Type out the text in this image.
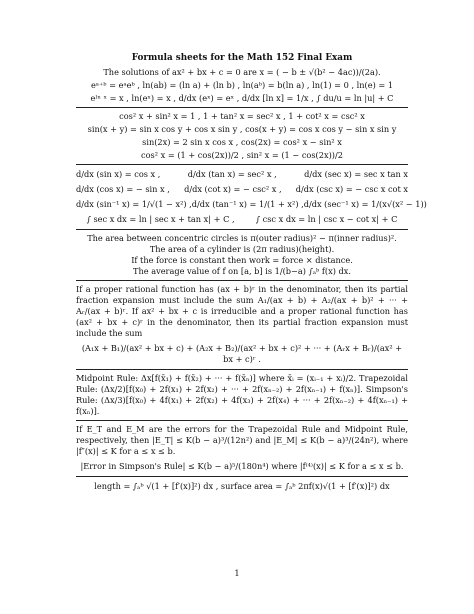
Formula sheets for the Math 152 Final Exam
The solutions of ax² + bx + c = 0 are x = ( − b ± √(b² − 4ac))/(2a).
eᵃ⁺ᵇ = eᵃeᵇ , ln(ab) = (ln a) + (ln b) , ln(aᵇ) = b(ln a) , ln(1) = 0 , ln(e) = 1
eˡⁿ ˣ = x , ln(eˣ) = x , d/dx (eˣ) = eˣ , d/dx [ln x] = 1/x , ∫ du/u = ln |u| + C
cos² x + sin² x = 1 , 1 + tan² x = sec² x , 1 + cot² x = csc² x
sin(x + y) = sin x cos y + cos x sin y , cos(x + y) = cos x cos y − sin x sin y
sin(2x) = 2 sin x cos x , cos(2x) = cos² x − sin² x
cos² x = (1 + cos(2x))/2 , sin² x = (1 − cos(2x))/2
d/dx (sin x) = cos x ,	d/dx (tan x) = sec² x ,	d/dx (sec x) = sec x tan x
d/dx (cos x) = − sin x , d/dx (cot x) = − csc² x , d/dx (csc x) = − csc x cot x
d/dx (sin⁻¹ x) = 1/√(1 − x²) , d/dx (tan⁻¹ x) = 1/(1 + x²) , d/dx (sec⁻¹ x) = 1/(x√(x² − 1))
∫ sec x dx = ln | sec x + tan x| + C ,	∫ csc x dx = ln | csc x − cot x| + C
The area between concentric circles is π(outer radius)² − π(inner radius)².
The area of a cylinder is (2π radius)(height).
If the force is constant then work = force × distance.
The average value of f on [a, b] is 1/(b−a) ∫ₐᵇ f(x) dx.
If a proper rational function has (ax + b)ʳ in the denominator, then its partial fraction expansion must include the sum A₁/(ax + b) + A₂/(ax + b)² + ··· + Aᵣ/(ax + b)ʳ. If ax² + bx + c is irreducible and a proper rational function has (ax² + bx + c)ʳ in the denominator, then its partial fraction expansion must include the sum
(A₁x + B₁)/(ax² + bx + c) + (A₂x + B₂)/(ax² + bx + c)² + ··· + (Aᵣx + Bᵣ)/(ax² + bx + c)ʳ .
Midpoint Rule: Δx[f(x̄₁) + f(x̄₂) + ··· + f(x̄ₙ)] where x̄ᵢ = (xᵢ₋₁ + xᵢ)/2. Trapezoidal Rule: (Δx/2)[f(x₀) + 2f(x₁) + 2f(x₂) + ··· + 2f(xₙ₋₂) + 2f(xₙ₋₁) + f(xₙ)]. Simpson's Rule: (Δx/3)[f(x₀) + 4f(x₁) + 2f(x₂) + 4f(x₃) + 2f(x₄) + ··· + 2f(xₙ₋₂) + 4f(xₙ₋₁) + f(xₙ)].
If E_T and E_M are the errors for the Trapezoidal Rule and Midpoint Rule, respectively, then |E_T| ≤ K(b − a)³/(12n²) and |E_M| ≤ K(b − a)³/(24n²), where |f″(x)| ≤ K for a ≤ x ≤ b.
|Error in Simpson's Rule| ≤ K(b − a)⁵/(180n⁴) where |f⁽⁴⁾(x)| ≤ K for a ≤ x ≤ b.
length = ∫ₐᵇ √(1 + [f′(x)]²) dx , surface area = ∫ₐᵇ 2πf(x)√(1 + [f′(x)]²) dx
1
